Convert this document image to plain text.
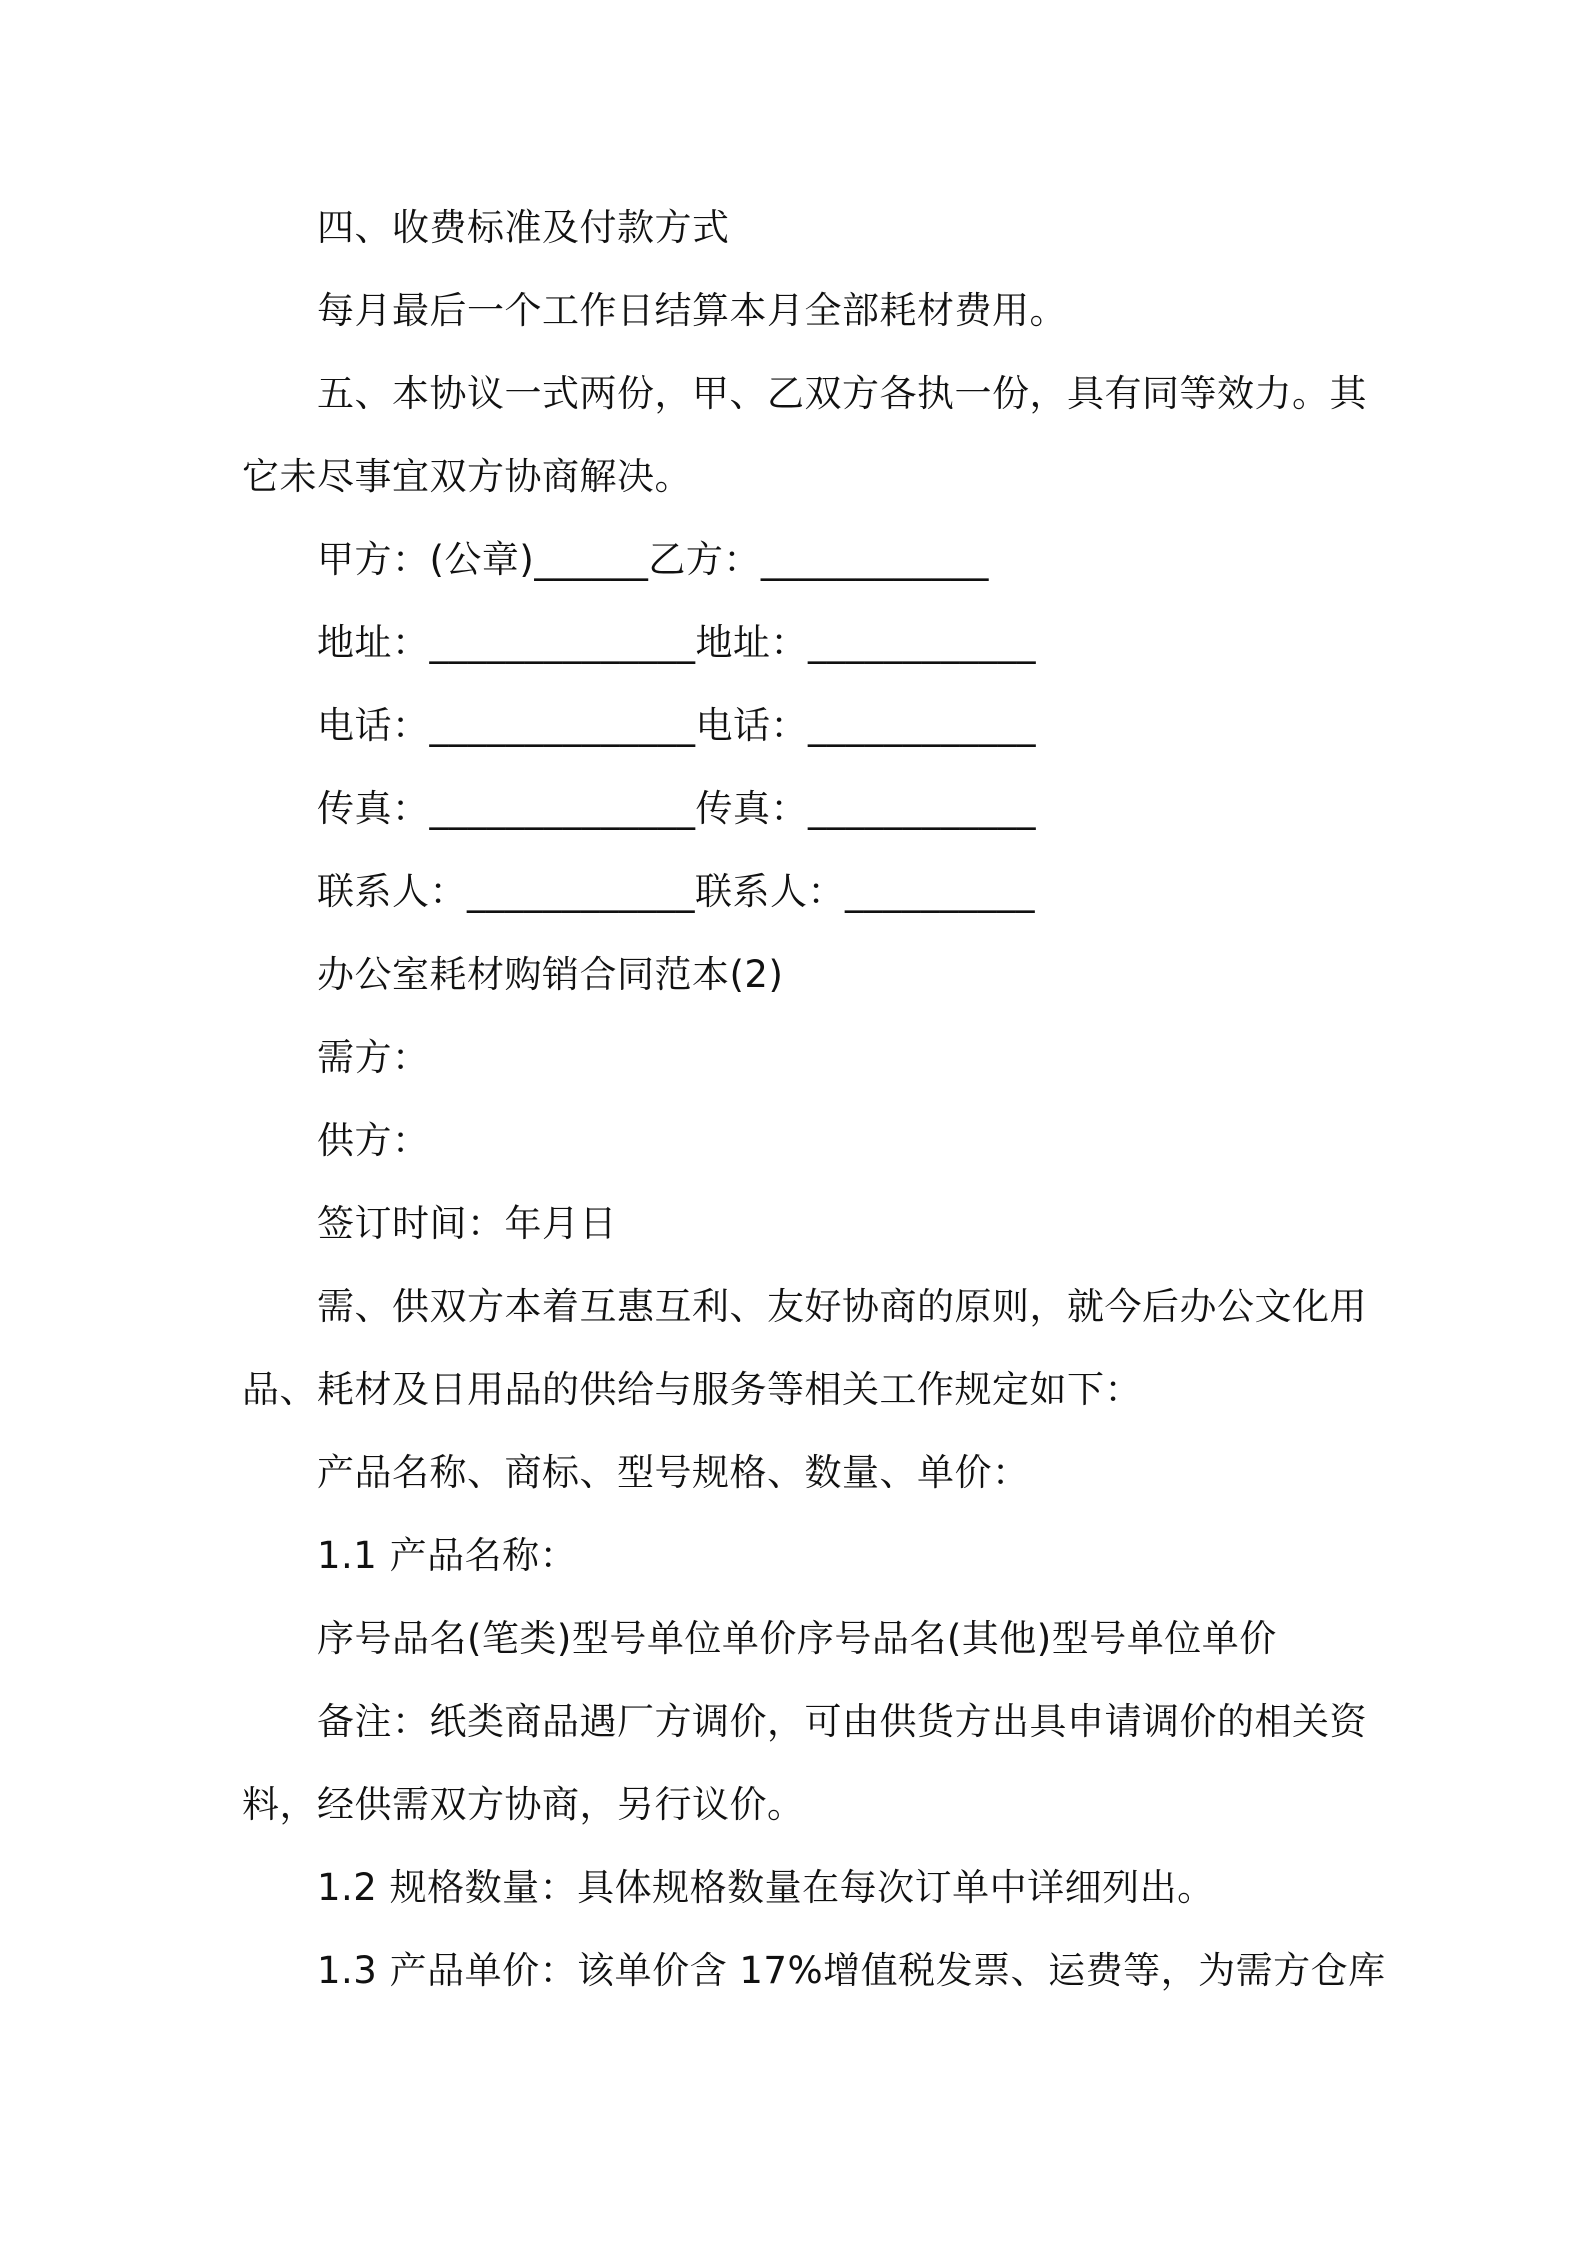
四、收费标准及付款方式
每月最后一个工作日结算本月全部耗材费用。
五、本协议一式两份，甲、乙双方各执一份，具有同等效力。其
它未尽事宜双方协商解决。
甲方：(公章)______乙方：____________
地址：______________地址：____________
电话：______________电话：____________
传真：______________传真：____________
联系人：____________联系人：__________
办公室耗材购销合同范本(2)
需方：
供方：
签订时间：年月日
需、供双方本着互惠互利、友好协商的原则，就今后办公文化用
品、耗材及日用品的供给与服务等相关工作规定如下：
产品名称、商标、型号规格、数量、单价：
1.1 产品名称：
序号品名(笔类)型号单位单价序号品名(其他)型号单位单价
备注：纸类商品遇厂方调价，可由供货方出具申请调价的相关资
料，经供需双方协商，另行议价。
1.2 规格数量：具体规格数量在每次订单中详细列出。
1.3 产品单价：该单价含 17%增值税发票、运费等，为需方仓库
